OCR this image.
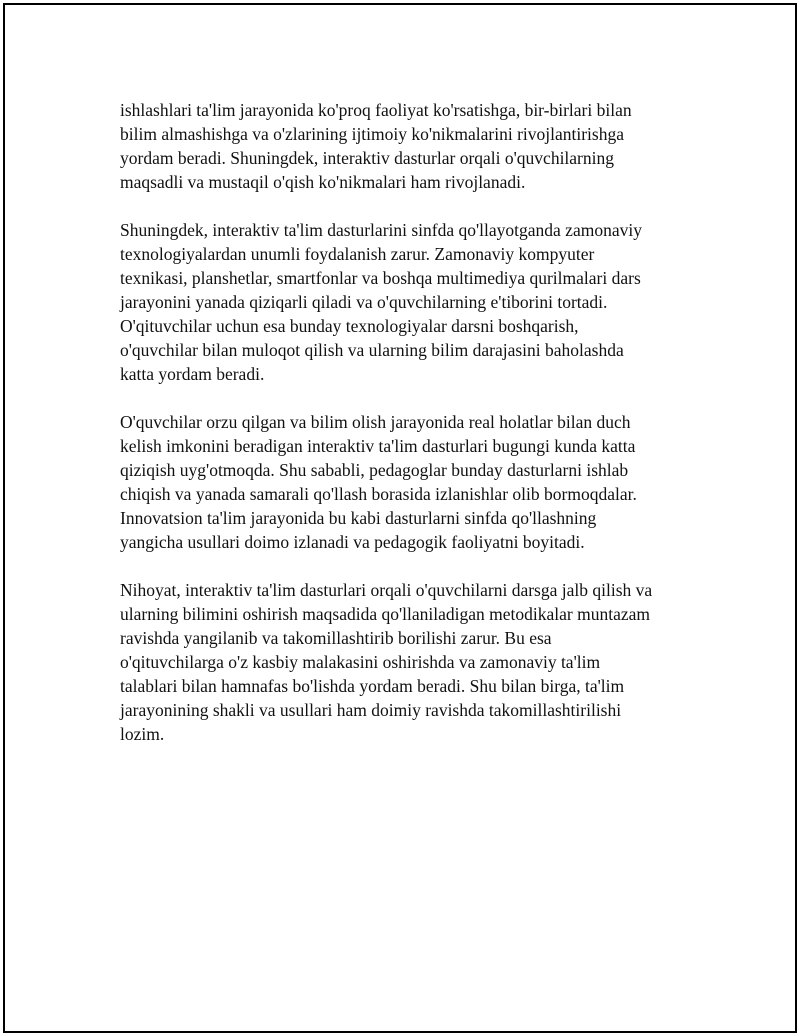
ishlashlari ta'lim jarayonida ko'proq faoliyat ko'rsatishga, bir-birlari bilan
bilim almashishga va o'zlarining ijtimoiy ko'nikmalarini rivojlantirishga
yordam beradi. Shuningdek, interaktiv dasturlar orqali o'quvchilarning
maqsadli va mustaqil o'qish ko'nikmalari ham rivojlanadi.

Shuningdek, interaktiv ta'lim dasturlarini sinfda qo'llayotganda zamonaviy
texnologiyalardan unumli foydalanish zarur. Zamonaviy kompyuter
texnikasi, planshetlar, smartfonlar va boshqa multimediya qurilmalari dars
jarayonini yanada qiziqarli qiladi va o'quvchilarning e'tiborini tortadi.
O'qituvchilar uchun esa bunday texnologiyalar darsni boshqarish,
o'quvchilar bilan muloqot qilish va ularning bilim darajasini baholashda
katta yordam beradi.

O'quvchilar orzu qilgan va bilim olish jarayonida real holatlar bilan duch
kelish imkonini beradigan interaktiv ta'lim dasturlari bugungi kunda katta
qiziqish uyg'otmoqda. Shu sababli, pedagoglar bunday dasturlarni ishlab
chiqish va yanada samarali qo'llash borasida izlanishlar olib bormoqdalar.
Innovatsion ta'lim jarayonida bu kabi dasturlarni sinfda qo'llashning
yangicha usullari doimo izlanadi va pedagogik faoliyatni boyitadi.

Nihoyat, interaktiv ta'lim dasturlari orqali o'quvchilarni darsga jalb qilish va
ularning bilimini oshirish maqsadida qo'llaniladigan metodikalar muntazam
ravishda yangilanib va takomillashtirib borilishi zarur. Bu esa
o'qituvchilarga o'z kasbiy malakasini oshirishda va zamonaviy ta'lim
talablari bilan hamnafas bo'lishda yordam beradi. Shu bilan birga, ta'lim
jarayonining shakli va usullari ham doimiy ravishda takomillashtirilishi
lozim.
